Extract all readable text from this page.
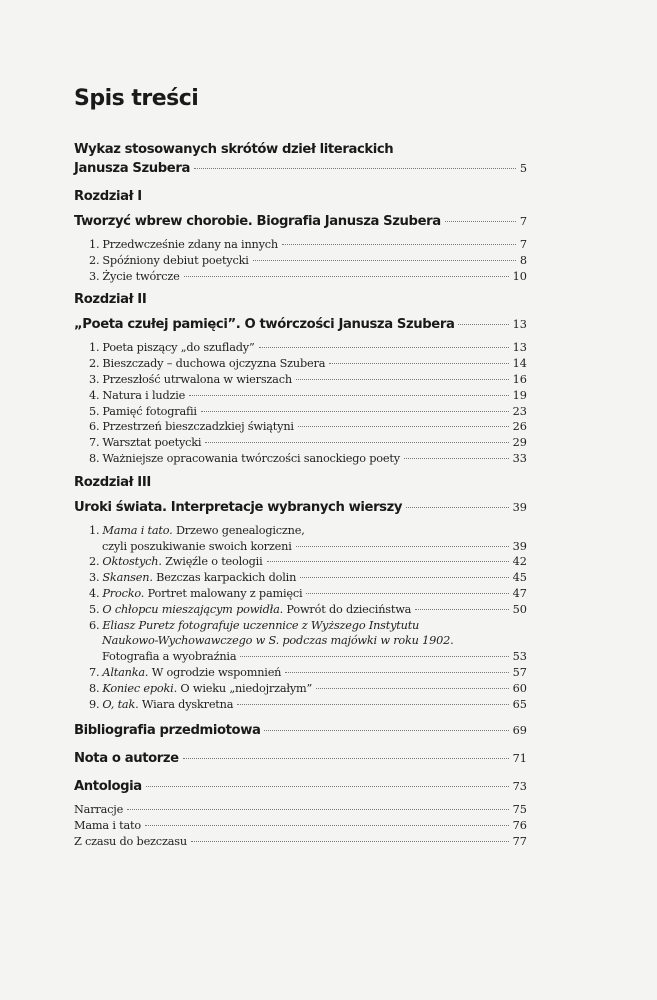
Spis treści
Wykaz stosowanych skrótów dzieł literackich
Janusza Szubera	5
Rozdział I
Tworzyć wbrew chorobie. Biografia Janusza Szubera	7
1. Przedwcześnie zdany na innych	7
2. Spóźniony debiut poetycki	8
3. Życie twórcze	10
Rozdział II
„Poeta czułej pamięci”. O twórczości Janusza Szubera	13
1. Poeta piszący „do szuflady”	13
2. Bieszczady – duchowa ojczyzna Szubera	14
3. Przeszłość utrwalona w wierszach	16
4. Natura i ludzie	19
5. Pamięć fotografii	23
6. Przestrzeń bieszczadzkiej świątyni	26
7. Warsztat poetycki	29
8. Ważniejsze opracowania twórczości sanockiego poety	33
Rozdział III
Uroki świata. Interpretacje wybranych wierszy	39
1. Mama i tato. Drzewo genealogiczne,
czyli poszukiwanie swoich korzeni	39
2. Oktostych. Zwięźle o teologii	42
3. Skansen. Bezczas karpackich dolin	45
4. Procko. Portret malowany z pamięci	47
5. O chłopcu mieszającym powidła. Powrót do dzieciństwa	50
6. Eliasz Puretz fotografuje uczennice z Wyższego Instytutu
Naukowo-Wychowawczego w S. podczas majówki w roku 1902.
Fotografia a wyobraźnia	53
7. Altanka. W ogrodzie wspomnień	57
8. Koniec epoki. O wieku „niedojrzałym”	60
9. O, tak. Wiara dyskretna	65
Bibliografia przedmiotowa	69
Nota o autorze	71
Antologia	73
Narracje	75
Mama i tato	76
Z czasu do bezczasu	77
